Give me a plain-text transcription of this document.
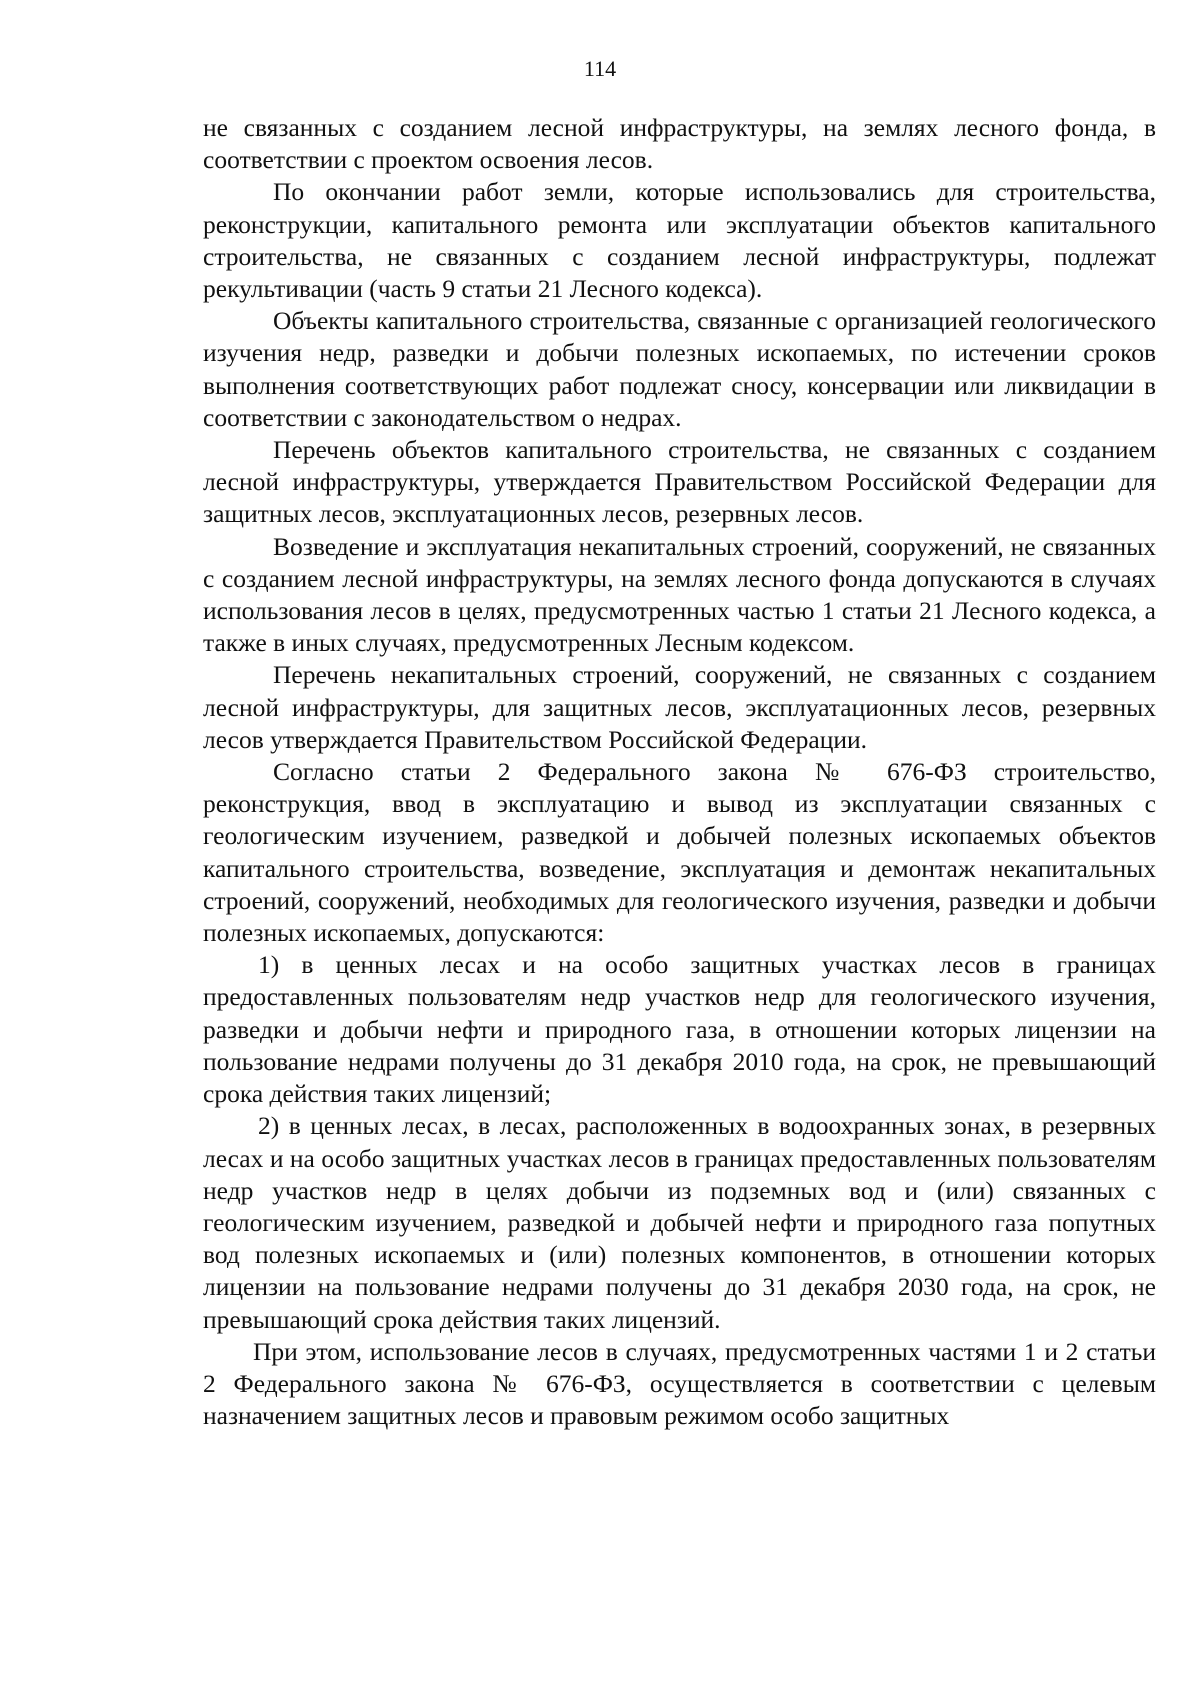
114

не связанных с созданием лесной инфраструктуры, на землях лесного фонда, в соответствии с проектом освоения лесов.

По окончании работ земли, которые использовались для строительства, реконструкции, капитального ремонта или эксплуатации объектов капитального строительства, не связанных с созданием лесной инфраструктуры, подлежат рекультивации (часть 9 статьи 21 Лесного кодекса).

Объекты капитального строительства, связанные с организацией геологического изучения недр, разведки и добычи полезных ископаемых, по истечении сроков выполнения соответствующих работ подлежат сносу, консервации или ликвидации в соответствии с законодательством о недрах.

Перечень объектов капитального строительства, не связанных с созданием лесной инфраструктуры, утверждается Правительством Российской Федерации для защитных лесов, эксплуатационных лесов, резервных лесов.

Возведение и эксплуатация некапитальных строений, сооружений, не связанных с созданием лесной инфраструктуры, на землях лесного фонда допускаются в случаях использования лесов в целях, предусмотренных частью 1 статьи 21 Лесного кодекса, а также в иных случаях, предусмотренных Лесным кодексом.

Перечень некапитальных строений, сооружений, не связанных с созданием лесной инфраструктуры, для защитных лесов, эксплуатационных лесов, резервных лесов утверждается Правительством Российской Федерации.

Согласно статьи 2 Федерального закона № 676-ФЗ строительство, реконструкция, ввод в эксплуатацию и вывод из эксплуатации связанных с геологическим изучением, разведкой и добычей полезных ископаемых объектов капитального строительства, возведение, эксплуатация и демонтаж некапитальных строений, сооружений, необходимых для геологического изучения, разведки и добычи полезных ископаемых, допускаются:

1) в ценных лесах и на особо защитных участках лесов в границах предоставленных пользователям недр участков недр для геологического изучения, разведки и добычи нефти и природного газа, в отношении которых лицензии на пользование недрами получены до 31 декабря 2010 года, на срок, не превышающий срока действия таких лицензий;

2) в ценных лесах, в лесах, расположенных в водоохранных зонах, в резервных лесах и на особо защитных участках лесов в границах предоставленных пользователям недр участков недр в целях добычи из подземных вод и (или) связанных с геологическим изучением, разведкой и добычей нефти и природного газа попутных вод полезных ископаемых и (или) полезных компонентов, в отношении которых лицензии на пользование недрами получены до 31 декабря 2030 года, на срок, не превышающий срока действия таких лицензий.

При этом, использование лесов в случаях, предусмотренных частями 1 и 2 статьи 2 Федерального закона № 676-ФЗ, осуществляется в соответствии с целевым назначением защитных лесов и правовым режимом особо защитных
